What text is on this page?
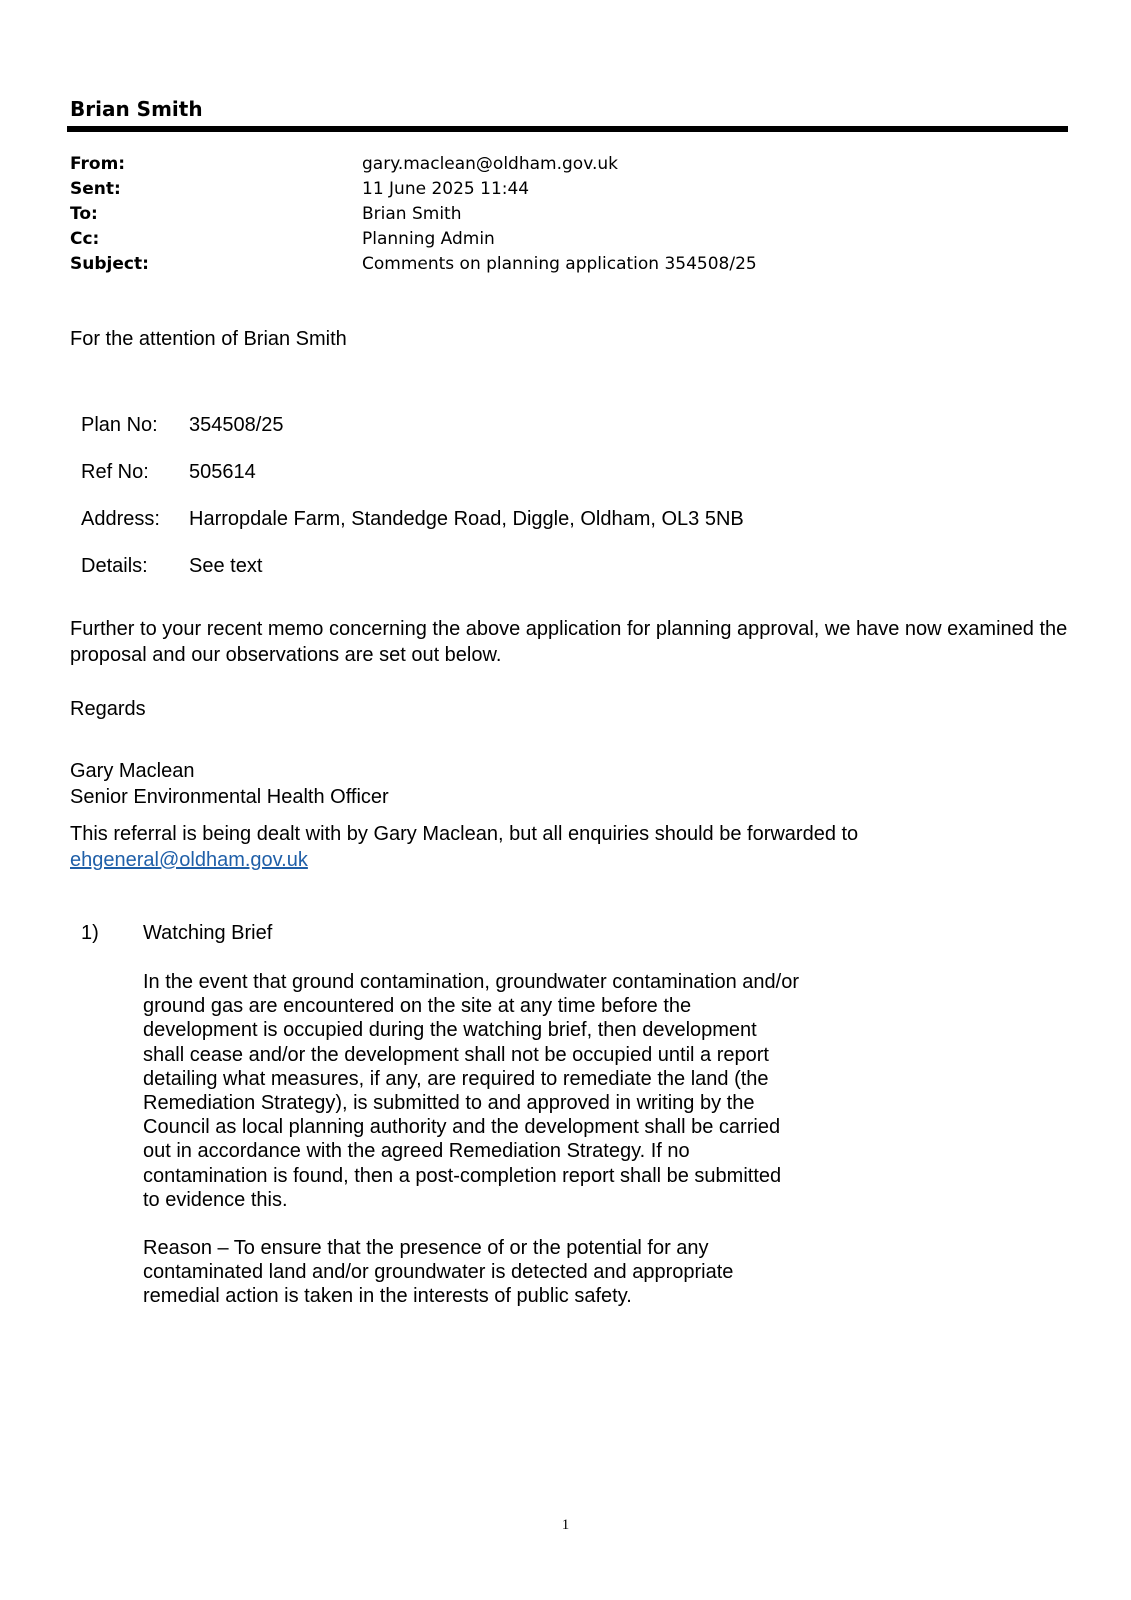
Brian Smith
From:	gary.maclean@oldham.gov.uk
Sent:	11 June 2025 11:44
To:	Brian Smith
Cc:	Planning Admin
Subject:	Comments on planning application 354508/25
For the attention of Brian Smith
Plan No:	354508/25
Ref No:	505614
Address:	Harropdale Farm, Standedge Road, Diggle, Oldham, OL3 5NB
Details:	See text
Further to your recent memo concerning the above application for planning approval, we have now examined the proposal and our observations are set out below.
Regards
Gary Maclean
Senior Environmental Health Officer
This referral is being dealt with by Gary Maclean, but all enquiries should be forwarded to
ehgeneral@oldham.gov.uk
1) Watching Brief
In the event that ground contamination, groundwater contamination and/or ground gas are encountered on the site at any time before the development is occupied during the watching brief, then development shall cease and/or the development shall not be occupied until a report detailing what measures, if any, are required to remediate the land (the Remediation Strategy), is submitted to and approved in writing by the Council as local planning authority and the development shall be carried out in accordance with the agreed Remediation Strategy. If no contamination is found, then a post-completion report shall be submitted to evidence this.
Reason – To ensure that the presence of or the potential for any contaminated land and/or groundwater is detected and appropriate remedial action is taken in the interests of public safety.
1
